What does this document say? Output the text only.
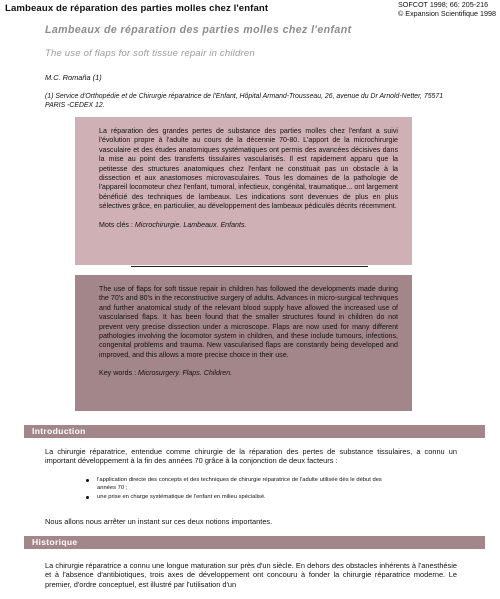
Lambeaux de réparation des parties molles chez l'enfant	SOFCOT 1998; 66: 205-216
© Expansion Scientifique 1998
Lambeaux de réparation des parties molles chez l'enfant
The use of flaps for soft tissue repair in children
M.C. Romaña (1)
(1) Service d'Orthopédie et de Chirurgie réparatrice de l'Enfant, Hôpital Armand-Trousseau, 26, avenue du Dr Arnold-Netter, 75571 PARIS -CEDEX 12.

La réparation des grandes pertes de substance des parties molles chez l'enfant a suivi l'évolution propre à l'adulte au cours de la décennie 70-80. L'apport de la microchirurgie vasculaire et des études anatomiques systématiques ont permis des avancées décisives dans la mise au point des transferts tissulaires vascularisés. Il est rapidement apparu que la petitesse des structures anatomiques chez l'enfant ne constituait pas un obstacle à la dissection et aux anastomoses microvasculaires. Tous les domaines de la pathologie de l'appareil locomoteur chez l'enfant, tumoral, infectieux, congénital, traumatique... ont largement bénéficié des techniques de lambeaux. Les indications sont devenues de plus en plus sélectives grâce, en particulier, au développement des lambeaux pédiculés décrits récemment.

Mots clés : Microchirurgie. Lambeaux. Enfants.

The use of flaps for soft tissue repair in children has followed the developments made during the 70's and 80's in the reconstructive surgery of adults. Advances in micro-surgical techniques and further anatomical study of the relevant blood supply have allowed the increased use of vascularised flaps. It has been found that the smaller structures found in children do not prevent very precise dissection under a microscope. Flaps are now used for many different pathologies involving the locomotor system in children, and these include tumours, infections, congenital problems and trauma. New vascularised flaps are constantly being developed and improved, and this allows a more precise choice in their use.

Key words : Microsurgery. Flaps. Children.

Introduction
La chirurgie réparatrice, entendue comme chirurgie de la réparation des pertes de substance tissulaires, a connu un important développement à la fin des années 70 grâce à la conjonction de deux facteurs :
l'application directe des concepts et des techniques de chirurgie réparatrice de l'adulte utilisée dès le début des années 70 ;
une prise en charge systématique de l'enfant en milieu spécialisé.
Nous allons nous arrêter un instant sur ces deux notions importantes.
Historique
La chirurgie réparatrice a connu une longue maturation sur près d'un siècle. En dehors des obstacles inhérents à l'anesthésie et à l'absence d'antibiotiques, trois axes de développement ont concouru à fonder la chirurgie réparatrice moderne. Le premier, d'ordre conceptuel, est illustré par l'utilisation d'un
